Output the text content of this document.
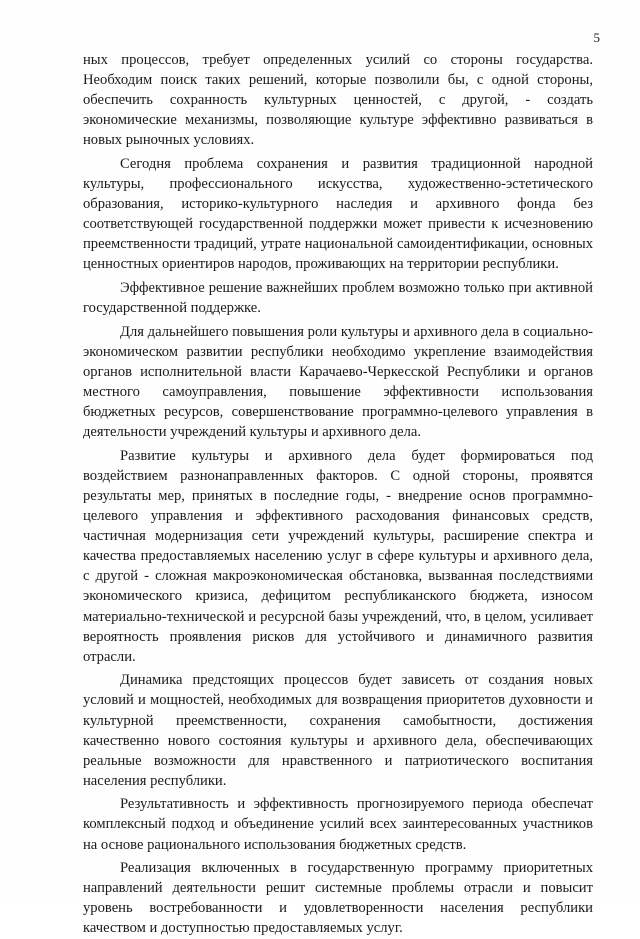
5

ных процессов, требует определенных усилий со стороны государства. Необходим поиск таких решений, которые позволили бы, с одной стороны, обеспечить сохранность культурных ценностей, с другой, - создать экономические механизмы, позволяющие культуре эффективно развиваться в новых рыночных условиях.

Сегодня проблема сохранения и развития традиционной народной культуры, профессионального искусства, художественно-эстетического образования, историко-культурного наследия и архивного фонда без соответствующей государственной поддержки может привести к исчезновению преемственности традиций, утрате национальной самоидентификации, основных ценностных ориентиров народов, проживающих на территории республики.

Эффективное решение важнейших проблем возможно только при активной государственной поддержке.

Для дальнейшего повышения роли культуры и архивного дела в социально-экономическом развитии республики необходимо укрепление взаимодействия органов исполнительной власти Карачаево-Черкесской Республики и органов местного самоуправления, повышение эффективности использования бюджетных ресурсов, совершенствование программно-целевого управления в деятельности учреждений культуры и архивного дела.

Развитие культуры и архивного дела будет формироваться под воздействием разнонаправленных факторов. С одной стороны, проявятся результаты мер, принятых в последние годы, - внедрение основ программно-целевого управления и эффективного расходования финансовых средств, частичная модернизация сети учреждений культуры, расширение спектра и качества предоставляемых населению услуг в сфере культуры и архивного дела, с другой - сложная макроэкономическая обстановка, вызванная последствиями экономического кризиса, дефицитом республиканского бюджета, износом материально-технической и ресурсной базы учреждений, что, в целом, усиливает вероятность проявления рисков для устойчивого и динамичного развития отрасли.

Динамика предстоящих процессов будет зависеть от создания новых условий и мощностей, необходимых для возвращения приоритетов духовности и культурной преемственности, сохранения самобытности, достижения качественно нового состояния культуры и архивного дела, обеспечивающих реальные возможности для нравственного и патриотического воспитания населения республики.

Результативность и эффективность прогнозируемого периода обеспечат комплексный подход и объединение усилий всех заинтересованных участников на основе рационального использования бюджетных средств.

Реализация включенных в государственную программу приоритетных направлений деятельности решит системные проблемы отрасли и повысит уровень востребованности и удовлетворенности населения республики качеством и доступностью предоставляемых услуг.
